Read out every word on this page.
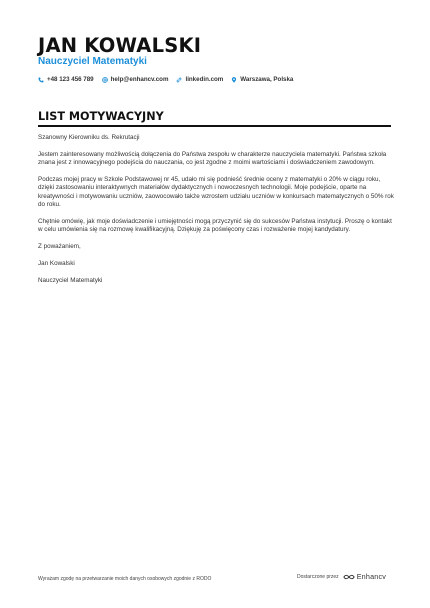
JAN KOWALSKI
Nauczyciel Matematyki
+48 123 456 789	help@enhancv.com	linkedin.com	Warszawa, Polska
LIST MOTYWACYJNY

Szanowny Kierowniku ds. Rekrutacji

Jestem zainteresowany możliwością dołączenia do Państwa zespołu w charakterze nauczyciela matematyki. Państwa szkoła znana jest z innowacyjnego podejścia do nauczania, co jest zgodne z moimi wartościami i doświadczeniem zawodowym.

Podczas mojej pracy w Szkole Podstawowej nr 45, udało mi się podnieść średnie oceny z matematyki o 20% w ciągu roku, dzięki zastosowaniu interaktywnych materiałów dydaktycznych i nowoczesnych technologii. Moje podejście, oparte na kreatywności i motywowaniu uczniów, zaowocowało także wzrostem udziału uczniów w konkursach matematycznych o 50% rok do roku.

Chętnie omówię, jak moje doświadczenie i umiejętności mogą przyczynić się do sukcesów Państwa instytucji. Proszę o kontakt w celu umówienia się na rozmowę kwalifikacyjną. Dziękuję za poświęcony czas i rozważenie mojej kandydatury.

Z poważaniem,

Jan Kowalski

Nauczyciel Matematyki

Wyrażam zgodę na przetwarzanie moich danych osobowych zgodnie z RODO	Dostarczone przez	Enhancv
